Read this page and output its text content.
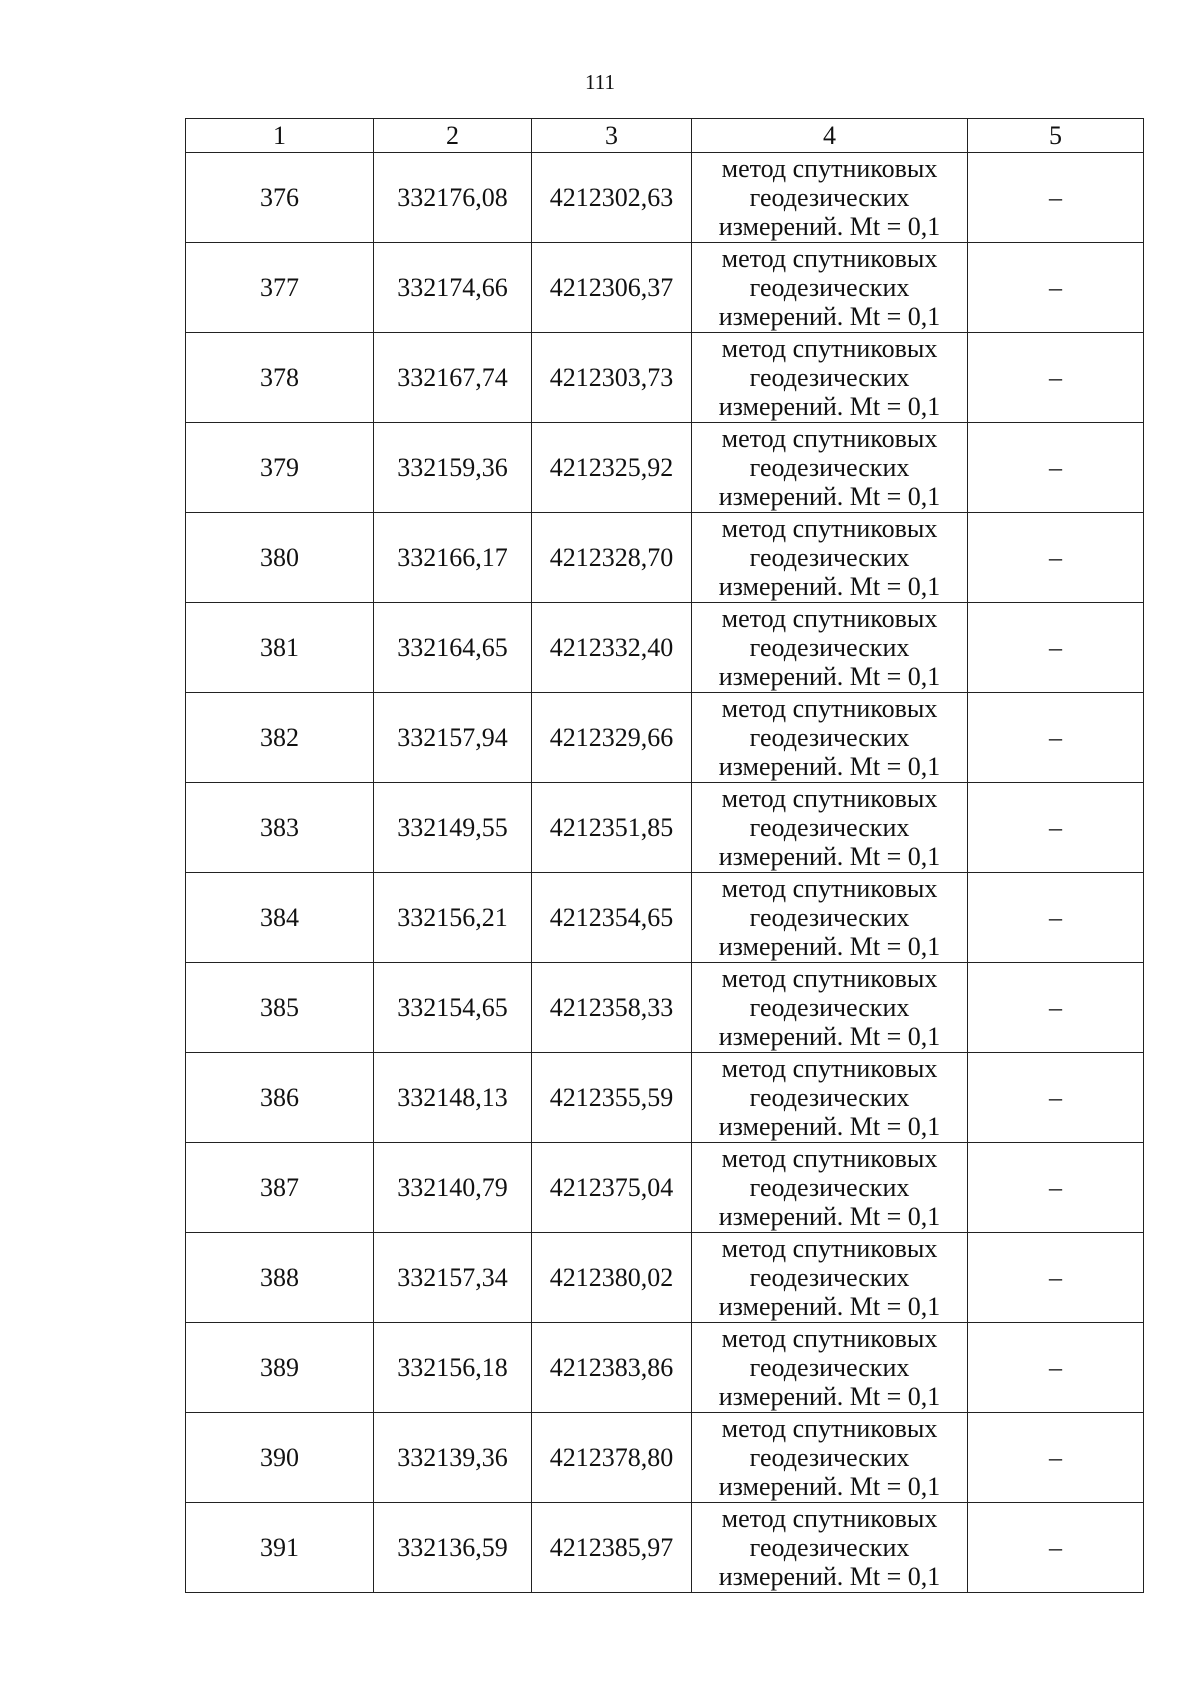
111
1	2	3	4	5
376	332176,08	4212302,63	метод спутниковых
геодезических
измерений. Mt = 0,1	–
377	332174,66	4212306,37	метод спутниковых
геодезических
измерений. Mt = 0,1	–
378	332167,74	4212303,73	метод спутниковых
геодезических
измерений. Mt = 0,1	–
379	332159,36	4212325,92	метод спутниковых
геодезических
измерений. Mt = 0,1	–
380	332166,17	4212328,70	метод спутниковых
геодезических
измерений. Mt = 0,1	–
381	332164,65	4212332,40	метод спутниковых
геодезических
измерений. Mt = 0,1	–
382	332157,94	4212329,66	метод спутниковых
геодезических
измерений. Mt = 0,1	–
383	332149,55	4212351,85	метод спутниковых
геодезических
измерений. Mt = 0,1	–
384	332156,21	4212354,65	метод спутниковых
геодезических
измерений. Mt = 0,1	–
385	332154,65	4212358,33	метод спутниковых
геодезических
измерений. Mt = 0,1	–
386	332148,13	4212355,59	метод спутниковых
геодезических
измерений. Mt = 0,1	–
387	332140,79	4212375,04	метод спутниковых
геодезических
измерений. Mt = 0,1	–
388	332157,34	4212380,02	метод спутниковых
геодезических
измерений. Mt = 0,1	–
389	332156,18	4212383,86	метод спутниковых
геодезических
измерений. Mt = 0,1	–
390	332139,36	4212378,80	метод спутниковых
геодезических
измерений. Mt = 0,1	–
391	332136,59	4212385,97	метод спутниковых
геодезических
измерений. Mt = 0,1	–
